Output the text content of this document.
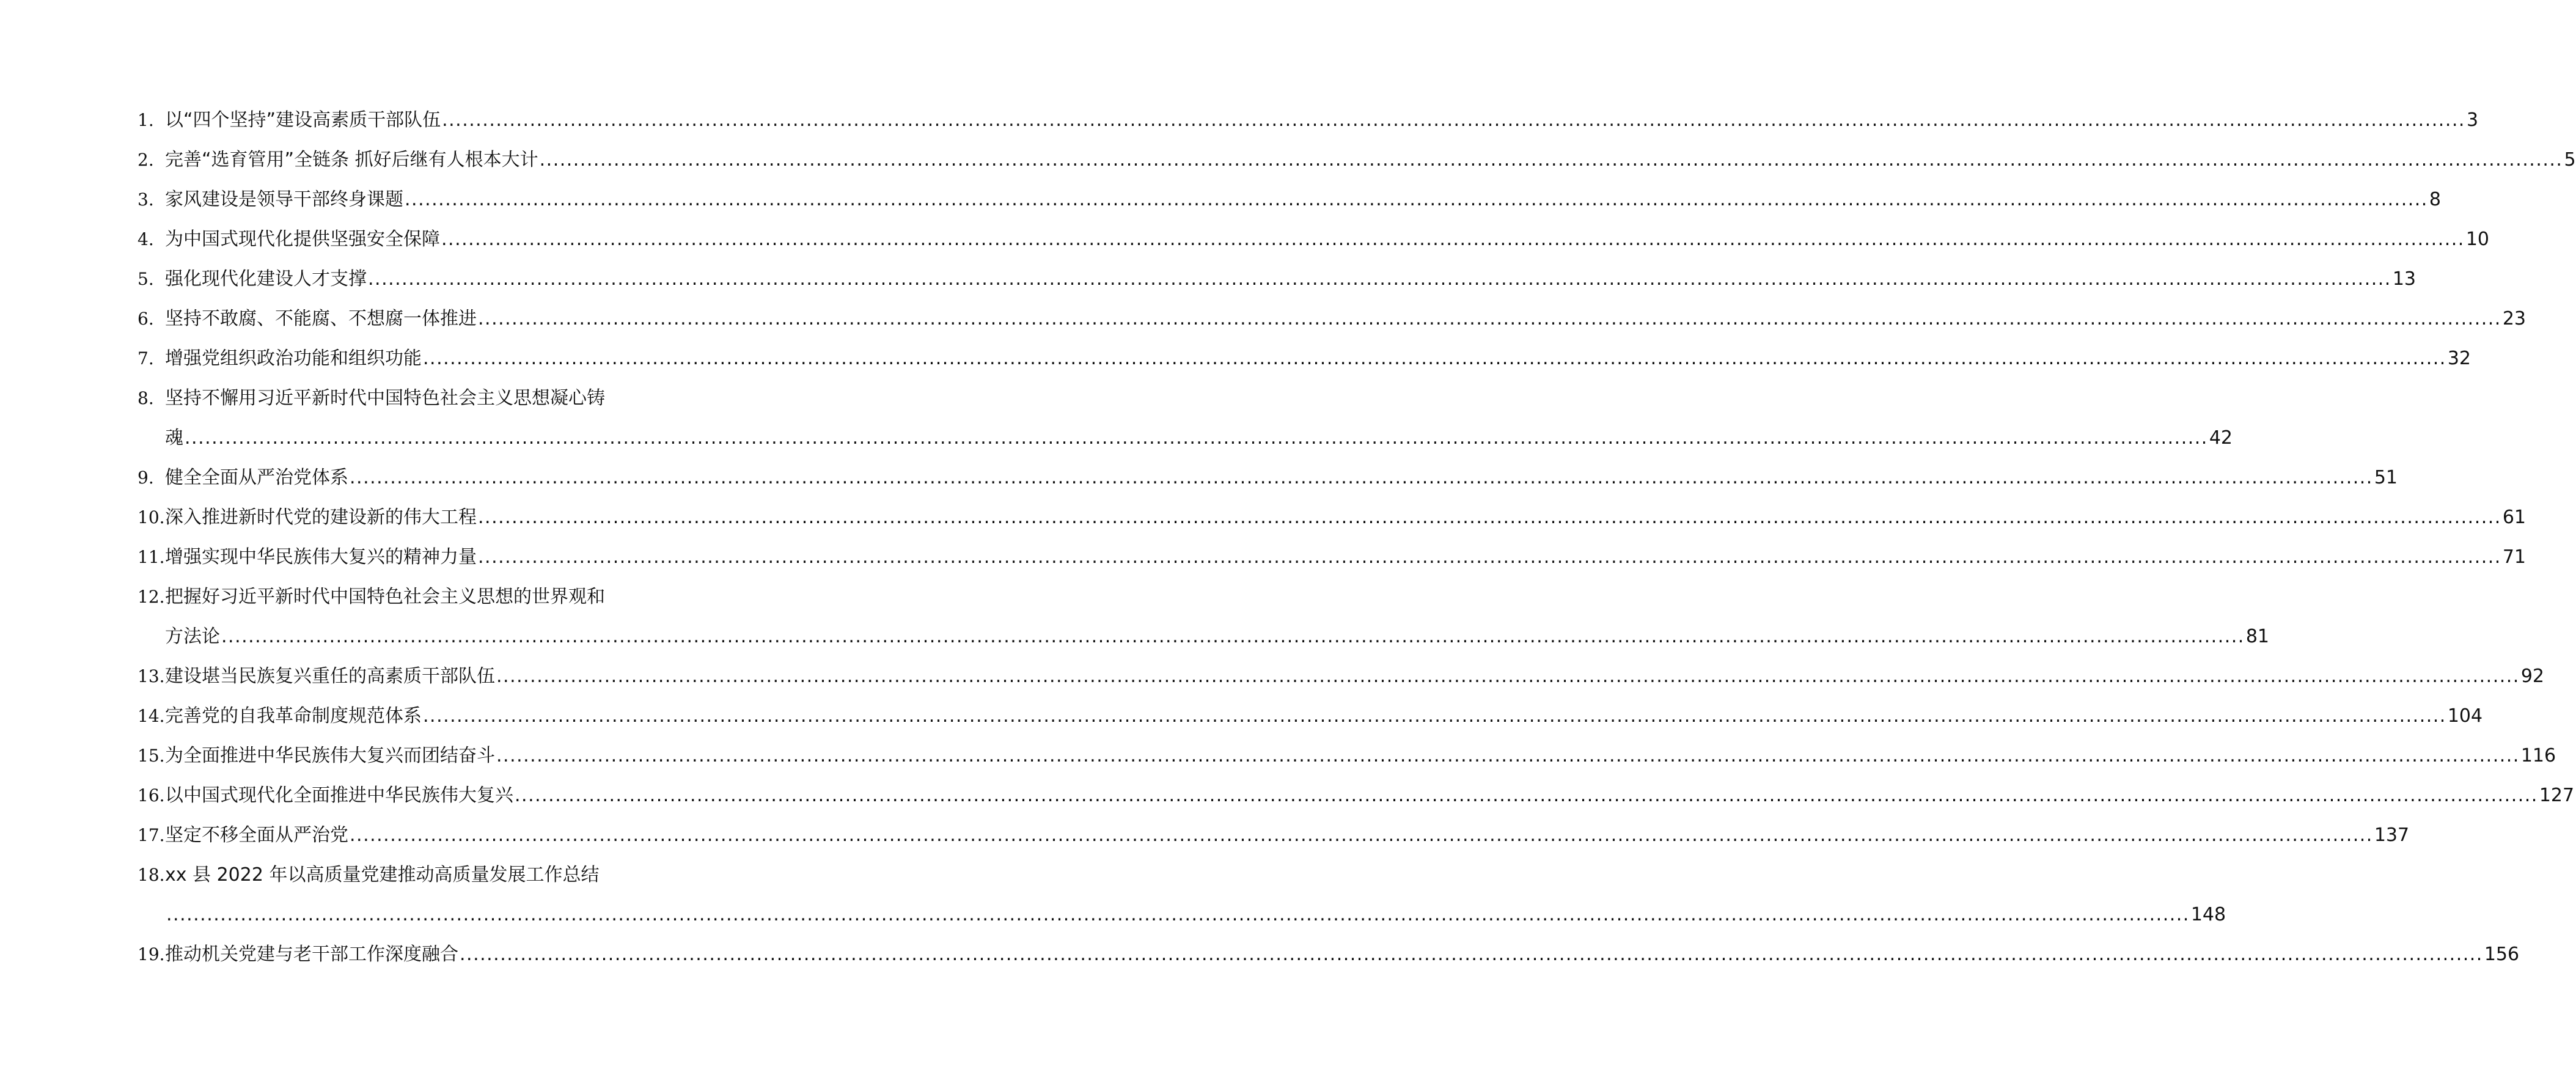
1. 以“四个坚持”建设高素质干部队伍 ............................................................................................................................................................................................................................................................................................................ 3
2. 完善“选育管用”全链条 抓好后继有人根本大计 ............................................................................................................................................................................................................................................................................................................ 5
3. 家风建设是领导干部终身课题 ............................................................................................................................................................................................................................................................................................................ 8
4. 为中国式现代化提供坚强安全保障 ............................................................................................................................................................................................................................................................................................................ 10
5. 强化现代化建设人才支撑 ............................................................................................................................................................................................................................................................................................................ 13
6. 坚持不敢腐、不能腐、不想腐一体推进 ............................................................................................................................................................................................................................................................................................................ 23
7. 增强党组织政治功能和组织功能 ............................................................................................................................................................................................................................................................................................................ 32
8. 坚持不懈用习近平新时代中国特色社会主义思想凝心铸
魂 ............................................................................................................................................................................................................................................................................................................ 42
9. 健全全面从严治党体系 ............................................................................................................................................................................................................................................................................................................ 51
10. 深入推进新时代党的建设新的伟大工程 ............................................................................................................................................................................................................................................................................................................ 61
11. 增强实现中华民族伟大复兴的精神力量 ............................................................................................................................................................................................................................................................................................................ 71
12. 把握好习近平新时代中国特色社会主义思想的世界观和
方法论 ............................................................................................................................................................................................................................................................................................................ 81
13. 建设堪当民族复兴重任的高素质干部队伍 ............................................................................................................................................................................................................................................................................................................ 92
14. 完善党的自我革命制度规范体系 ............................................................................................................................................................................................................................................................................................................ 104
15. 为全面推进中华民族伟大复兴而团结奋斗 ............................................................................................................................................................................................................................................................................................................ 116
16. 以中国式现代化全面推进中华民族伟大复兴 ............................................................................................................................................................................................................................................................................................................ 127
17. 坚定不移全面从严治党 ............................................................................................................................................................................................................................................................................................................ 137
18. xx 县 2022 年以高质量党建推动高质量发展工作总结
............................................................................................................................................................................................................................................................................................................ 148
19. 推动机关党建与老干部工作深度融合 ............................................................................................................................................................................................................................................................................................................ 156
